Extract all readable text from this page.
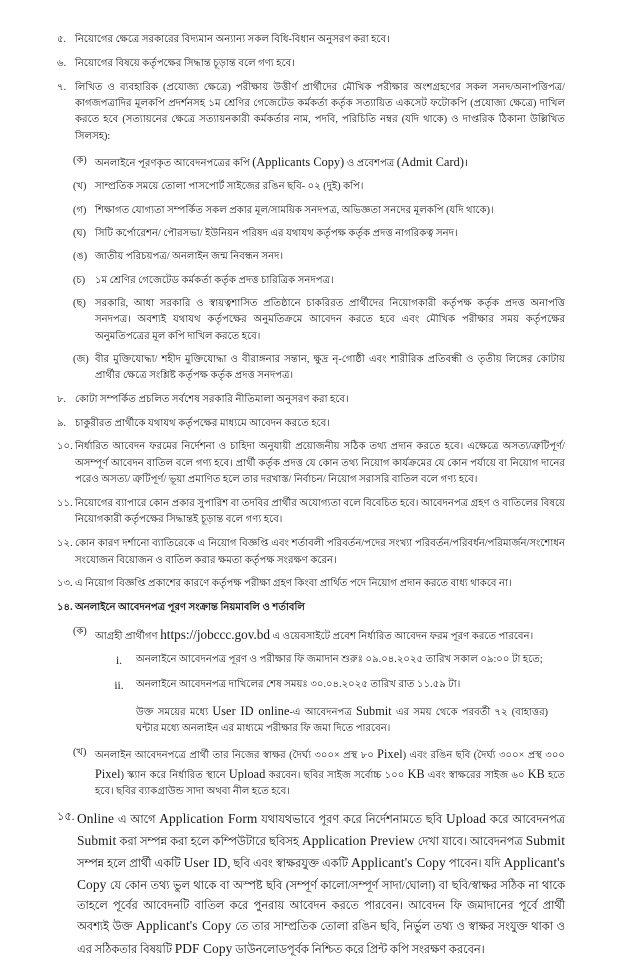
৫. নিয়োগের ক্ষেত্রে সরকারের বিদ্যমান অন্যান্য সকল বিধি-বিধান অনুসরণ করা হবে।
৬. নিয়োগের বিষয়ে কর্তৃপক্ষের সিদ্ধান্ত চূড়ান্ত বলে গণ্য হবে।
৭. লিখিত ও ব্যবহারিক (প্রযোজ্য ক্ষেত্রে) পরীক্ষায় উত্তীর্ণ প্রার্থীদের মৌখিক পরীক্ষার অংশগ্রহণের সকল সনদ/অনাপত্তিপত্র/ কাগজপত্রাদির মূলকপি প্রদর্শনসহ ১ম শ্রেণির গেজেটেড কর্মকর্তা কর্তৃক সত্যায়িত একসেট ফটোকপি (প্রযোজ্য ক্ষেত্রে) দাখিল করতে হবে (সত্যায়নের ক্ষেত্রে সত্যায়নকারী কর্মকর্তার নাম, পদবি, পরিচিতি নম্বর (যদি থাকে) ও দাপ্তরিক ঠিকানা উল্লিখিত সিলসহ):
(ক) অনলাইনে পূরণকৃত আবেদনপত্রের কপি (Applicants Copy) ও প্রবেশপত্র (Admit Card)।
(খ) সাম্প্রতিক সময়ে তোলা পাসপোর্ট সাইজের রঙিন ছবি- ০২ (দুই) কপি।
(গ) শিক্ষাগত যোগ্যতা সম্পর্কিত সকল প্রকার মূল/সাময়িক সনদপত্র, অভিজ্ঞতা সনদের মূলকপি (যদি থাকে)।
(ঘ) সিটি কর্পোরেশন/ পৌরসভা/ ইউনিয়ন পরিষদ এর যথাযথ কর্তৃপক্ষ কর্তৃক প্রদত্ত নাগরিকত্ব সনদ।
(ঙ) জাতীয় পরিচয়পত্র/ অনলাইন জন্ম নিবন্ধন সনদ।
(চ) ১ম শ্রেণির গেজেটেড কর্মকর্তা কর্তৃক প্রদত্ত চারিত্রিক সনদপত্র।
(ছ) সরকারি, আধা সরকারি ও স্বায়ত্বশাসিত প্রতিষ্ঠানে চাকরিরত প্রার্থীদের নিয়োগকারী কর্তৃপক্ষ কর্তৃক প্রদত্ত অনাপত্তি সনদপত্র। অবশ্যই যথাযথ কর্তৃপক্ষের অনুমতিক্রমে আবেদন করতে হবে এবং মৌখিক পরীক্ষার সময় কর্তৃপক্ষের অনুমতিপত্রের মূল কপি দাখিল করতে হবে।
(জ) বীর মুক্তিযোদ্ধা/ শহীদ মুক্তিযোদ্ধা ও বীরাঙ্গনার সন্তান, ক্ষুদ্র নৃ-গোষ্ঠী এবং শারীরিক প্রতিবন্ধী ও তৃতীয় লিঙ্গের কোটায় প্রার্থীর ক্ষেত্রে সংশ্লিষ্ট কর্তৃপক্ষ কর্তৃক প্রদত্ত সনদপত্র।
৮. কোটা সম্পর্কিত প্রচলিত সর্বশেষ সরকারি নীতিমালা অনুসরণ করা হবে।
৯. চাকুরীরত প্রার্থীকে যথাযথ কর্তৃপক্ষের মাধ্যমে আবেদন করতে হবে।
১০. নির্ধারিত আবেদন ফরমের নির্দেশনা ও চাহিদা অনুযায়ী প্রয়োজনীয় সঠিক তথ্য প্রদান করতে হবে। এক্ষেত্রে অসত্য/ত্রুটিপূর্ণ/ অসম্পূর্ণ আবেদন বাতিল বলে গণ্য হবে। প্রার্থী কর্তৃক প্রদত্ত যে কোন তথ্য নিয়োগ কার্যক্রমের যে কোন পর্যায়ে বা নিয়োগ দানের পরেও অসত্য/ ত্রুটিপূর্ণ/ ভূয়া প্রমাণিত হলে তার দরখাস্ত/ নির্বাচন/ নিয়োগ সরাসরি বাতিল বলে গণ্য হবে।
১১. নিয়োগের ব্যাপারে কোন প্রকার সুপারিশ বা তদবির প্রার্থীর অযোগ্যতা বলে বিবেচিত হবে। আবেদনপত্র গ্রহণ ও বাতিলের বিষয়ে নিয়োগকারী কর্তৃপক্ষের সিদ্ধান্তই চূড়ান্ত বলে গণ্য হবে।
১২. কোন কারণ দর্শানো ব্যাতিরেকে এ নিয়োগ বিজ্ঞপ্তি এবং শর্তাবলী পরিবর্তন/পদের সংখ্যা পরিবর্তন/পরিবর্ধন/পরিমার্জন/সংশোধন সংযোজন বিয়োজন ও বাতিল করার ক্ষমতা কর্তৃপক্ষ সংরক্ষণ করেন।
১৩. এ নিয়োগ বিজ্ঞপ্তি প্রকাশের কারণে কর্তৃপক্ষ পরীক্ষা গ্রহণ কিংবা প্রার্থিত পদে নিয়োগ প্রদান করতে বাধ্য থাকবে না।
১৪. অনলাইনে আবেদনপত্র পূরণ সংক্রান্ত নিয়মাবলি ও শর্তাবলি
(ক) আগ্রহী প্রার্থীগণ https://jobccc.gov.bd এ ওয়েবসাইটে প্রবেশ নির্ধারিত আবেদন ফরম পূরণ করতে পারবেন।
i.	অনলাইনে আবেদনপত্র পূরণ ও পরীক্ষার ফি জমাদান শুরুঃ ০৯.০৪.২০২৫ তারিখ সকাল ০৯:০০ টা হতে;
ii.	অনলাইনে আবেদনপত্র দাখিলের শেষ সময়ঃ ৩০.০৪.২০২৫ তারিখ রাত ১১.৫৯ টা।
উক্ত সময়ের মধ্যে User ID online-এ আবেদনপত্র Submit এর সময় থেকে পরবর্তী ৭২ (বাহাত্তর) ঘন্টার মধ্যে অনলাইন এর মাধ্যমে পরীক্ষার ফি জমা দিতে পারবেন।
(খ) অনলাইন আবেদনপত্রে প্রার্থী তার নিজের স্বাক্ষর (দৈর্ঘ্য ৩০০× প্রস্থ ৮০ Pixel) এবং রঙিন ছবি (দৈর্ঘ্য ৩০০× প্রস্থ ৩০০ Pixel) স্ক্যান করে নির্ধারিত স্থানে Upload করবেন। ছবির সাইজ সর্বোচ্চ ১০০ KB এবং স্বাক্ষরের সাইজ ৬০ KB হতে হবে। ছবির ব্যাকগ্রাউন্ড সাদা অথবা নীল হতে হবে।
১৫. Online এ আগে Application Form যথাযথভাবে পূরণ করে নির্দেশনামতে ছবি Upload করে আবেদনপত্র Submit করা সম্পন্ন করা হলে কম্পিউটারে ছবিসহ Application Preview দেখা যাবে। আবেদনপত্র Submit সম্পন্ন হলে প্রার্থী একটি User ID, ছবি এবং স্বাক্ষরযুক্ত একটি Applicant's Copy পাবেন। যদি Applicant's Copy যে কোন তথ্য ভুল থাকে বা অস্পষ্ট ছবি (সম্পূর্ণ কালো/সম্পূর্ণ সাদা/ঘোলা) বা ছবি/স্বাক্ষর সঠিক না থাকে তাহলে পূর্বের আবেদনটি বাতিল করে পুনরায় আবেদন করতে পারবেন। আবেদন ফি জমাদানের পূর্বে প্রার্থী অবশ্যই উক্ত Applicant's Copy তে তার সাম্প্রতিক তোলা রঙিন ছবি, নির্ভুল তথ্য ও স্বাক্ষর সংযুক্ত থাকা ও এর সঠিকতার বিষয়টি PDF Copy ডাউনলোডপূর্বক নিশ্চিত করে প্রিন্ট কপি সংরক্ষণ করবেন।
